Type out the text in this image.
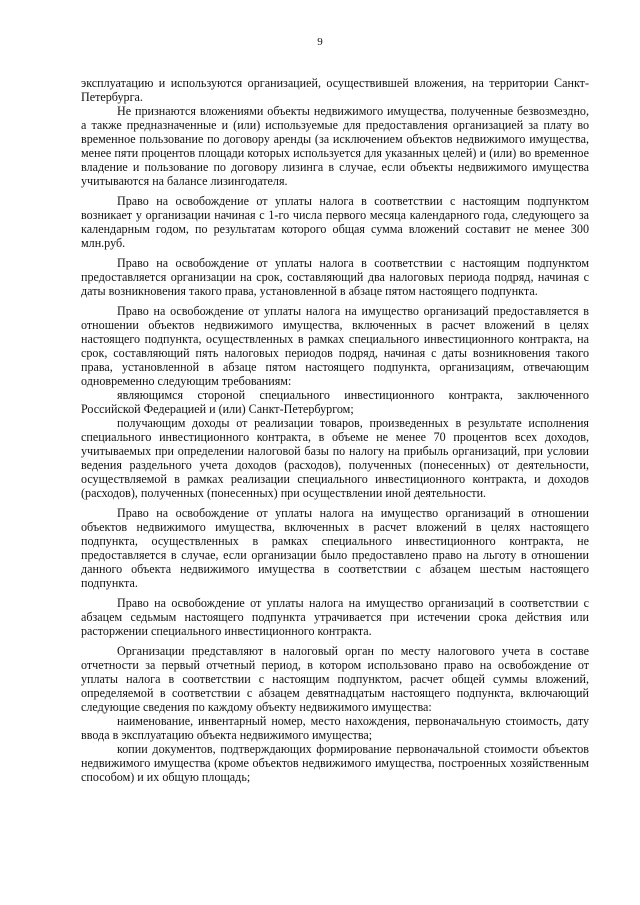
9

эксплуатацию и используются организацией, осуществившей вложения, на территории Санкт-Петербурга.

Не признаются вложениями объекты недвижимого имущества, полученные безвозмездно, а также предназначенные и (или) используемые для предоставления организацией за плату во временное пользование по договору аренды (за исключением объектов недвижимого имущества, менее пяти процентов площади которых используется для указанных целей) и (или) во временное владение и пользование по договору лизинга в случае, если объекты недвижимого имущества учитываются на балансе лизингодателя.

Право на освобождение от уплаты налога в соответствии с настоящим подпунктом возникает у организации начиная с 1-го числа первого месяца календарного года, следующего за календарным годом, по результатам которого общая сумма вложений составит не менее 300 млн.руб.

Право на освобождение от уплаты налога в соответствии с настоящим подпунктом предоставляется организации на срок, составляющий два налоговых периода подряд, начиная с даты возникновения такого права, установленной в абзаце пятом настоящего подпункта.

Право на освобождение от уплаты налога на имущество организаций предоставляется в отношении объектов недвижимого имущества, включенных в расчет вложений в целях настоящего подпункта, осуществленных в рамках специального инвестиционного контракта, на срок, составляющий пять налоговых периодов подряд, начиная с даты возникновения такого права, установленной в абзаце пятом настоящего подпункта, организациям, отвечающим одновременно следующим требованиям:

являющимся стороной специального инвестиционного контракта, заключенного Российской Федерацией и (или) Санкт-Петербургом;

получающим доходы от реализации товаров, произведенных в результате исполнения специального инвестиционного контракта, в объеме не менее 70 процентов всех доходов, учитываемых при определении налоговой базы по налогу на прибыль организаций, при условии ведения раздельного учета доходов (расходов), полученных (понесенных) от деятельности, осуществляемой в рамках реализации специального инвестиционного контракта, и доходов (расходов), полученных (понесенных) при осуществлении иной деятельности.

Право на освобождение от уплаты налога на имущество организаций в отношении объектов недвижимого имущества, включенных в расчет вложений в целях настоящего подпункта, осуществленных в рамках специального инвестиционного контракта, не предоставляется в случае, если организации было предоставлено право на льготу в отношении данного объекта недвижимого имущества в соответствии с абзацем шестым настоящего подпункта.

Право на освобождение от уплаты налога на имущество организаций в соответствии с абзацем седьмым настоящего подпункта утрачивается при истечении срока действия или расторжении специального инвестиционного контракта.

Организации представляют в налоговый орган по месту налогового учета в составе отчетности за первый отчетный период, в котором использовано право на освобождение от уплаты налога в соответствии с настоящим подпунктом, расчет общей суммы вложений, определяемой в соответствии с абзацем девятнадцатым настоящего подпункта, включающий следующие сведения по каждому объекту недвижимого имущества:

наименование, инвентарный номер, место нахождения, первоначальную стоимость, дату ввода в эксплуатацию объекта недвижимого имущества;

копии документов, подтверждающих формирование первоначальной стоимости объектов недвижимого имущества (кроме объектов недвижимого имущества, построенных хозяйственным способом) и их общую площадь;
